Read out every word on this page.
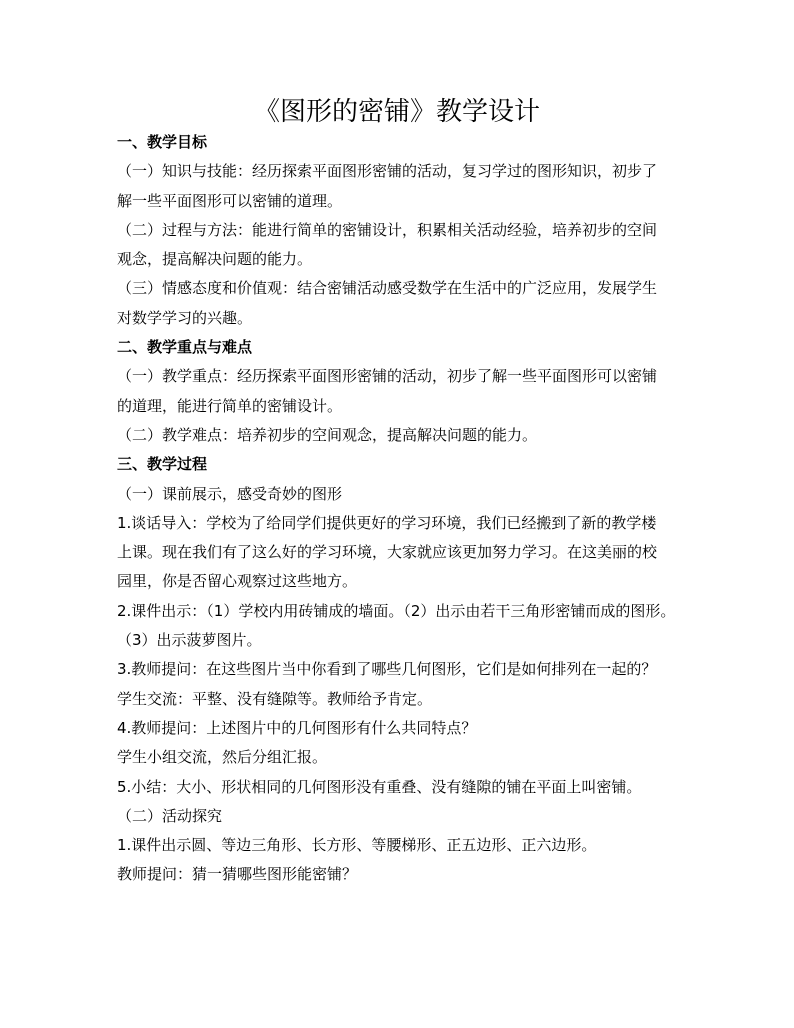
《图形的密铺》教学设计
一、教学目标
（一）知识与技能：经历探索平面图形密铺的活动，复习学过的图形知识，初步了
解一些平面图形可以密铺的道理。
（二）过程与方法：能进行简单的密铺设计，积累相关活动经验，培养初步的空间
观念，提高解决问题的能力。
（三）情感态度和价值观：结合密铺活动感受数学在生活中的广泛应用，发展学生
对数学学习的兴趣。
二、教学重点与难点
（一）教学重点：经历探索平面图形密铺的活动，初步了解一些平面图形可以密铺
的道理，能进行简单的密铺设计。
（二）教学难点：培养初步的空间观念，提高解决问题的能力。
三、教学过程
（一）课前展示，感受奇妙的图形
1.谈话导入：学校为了给同学们提供更好的学习环境，我们已经搬到了新的教学楼
上课。现在我们有了这么好的学习环境，大家就应该更加努力学习。在这美丽的校
园里，你是否留心观察过这些地方。
2.课件出示：（1）学校内用砖铺成的墙面。（2）出示由若干三角形密铺而成的图形。
（3）出示菠萝图片。
3.教师提问：在这些图片当中你看到了哪些几何图形，它们是如何排列在一起的？
学生交流：平整、没有缝隙等。教师给予肯定。
4.教师提问：上述图片中的几何图形有什么共同特点？
学生小组交流，然后分组汇报。
5.小结：大小、形状相同的几何图形没有重叠、没有缝隙的铺在平面上叫密铺。
（二）活动探究
1.课件出示圆、等边三角形、长方形、等腰梯形、正五边形、正六边形。
教师提问：猜一猜哪些图形能密铺？
